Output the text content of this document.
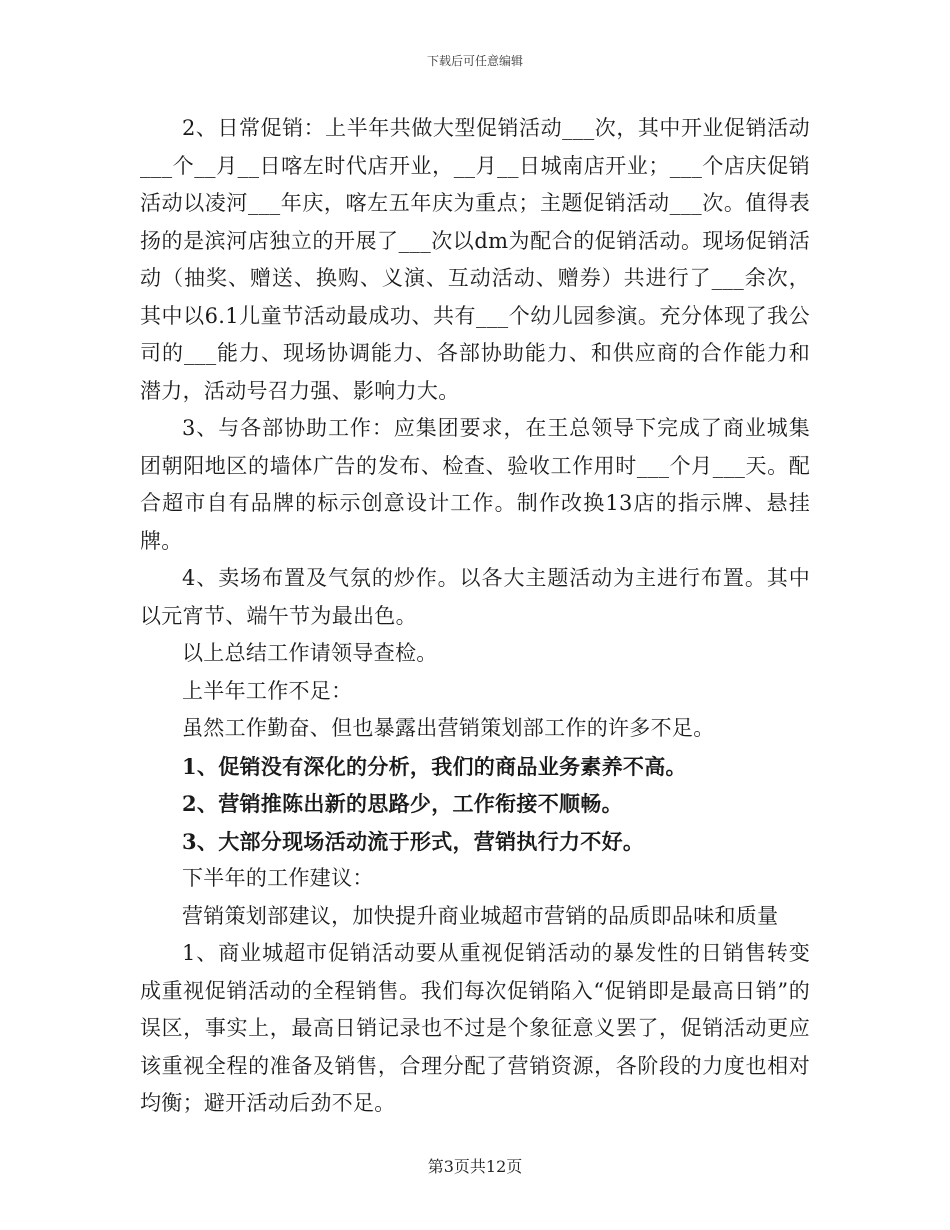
下载后可任意编辑

2、日常促销：上半年共做大型促销活动___次，其中开业促销活动___个__月__日喀左时代店开业，__月__日城南店开业；___个店庆促销活动以凌河___年庆，喀左五年庆为重点；主题促销活动___次。值得表扬的是滨河店独立的开展了___次以dm为配合的促销活动。现场促销活动（抽奖、赠送、换购、义演、互动活动、赠券）共进行了___余次，其中以6.1儿童节活动最成功、共有___个幼儿园参演。充分体现了我公司的___能力、现场协调能力、各部协助能力、和供应商的合作能力和潜力，活动号召力强、影响力大。

3、与各部协助工作：应集团要求，在王总领导下完成了商业城集团朝阳地区的墙体广告的发布、检查、验收工作用时___个月___天。配合超市自有品牌的标示创意设计工作。制作改换13店的指示牌、悬挂牌。

4、卖场布置及气氛的炒作。以各大主题活动为主进行布置。其中以元宵节、端午节为最出色。

以上总结工作请领导查检。

上半年工作不足：

虽然工作勤奋、但也暴露出营销策划部工作的许多不足。

1、促销没有深化的分析，我们的商品业务素养不高。

2、营销推陈出新的思路少，工作衔接不顺畅。

3、大部分现场活动流于形式，营销执行力不好。

下半年的工作建议：

营销策划部建议，加快提升商业城超市营销的品质即品味和质量

1、商业城超市促销活动要从重视促销活动的暴发性的日销售转变成重视促销活动的全程销售。我们每次促销陷入“促销即是最高日销”的误区，事实上，最高日销记录也不过是个象征意义罢了，促销活动更应该重视全程的准备及销售，合理分配了营销资源，各阶段的力度也相对均衡；避开活动后劲不足。

第3页共12页
